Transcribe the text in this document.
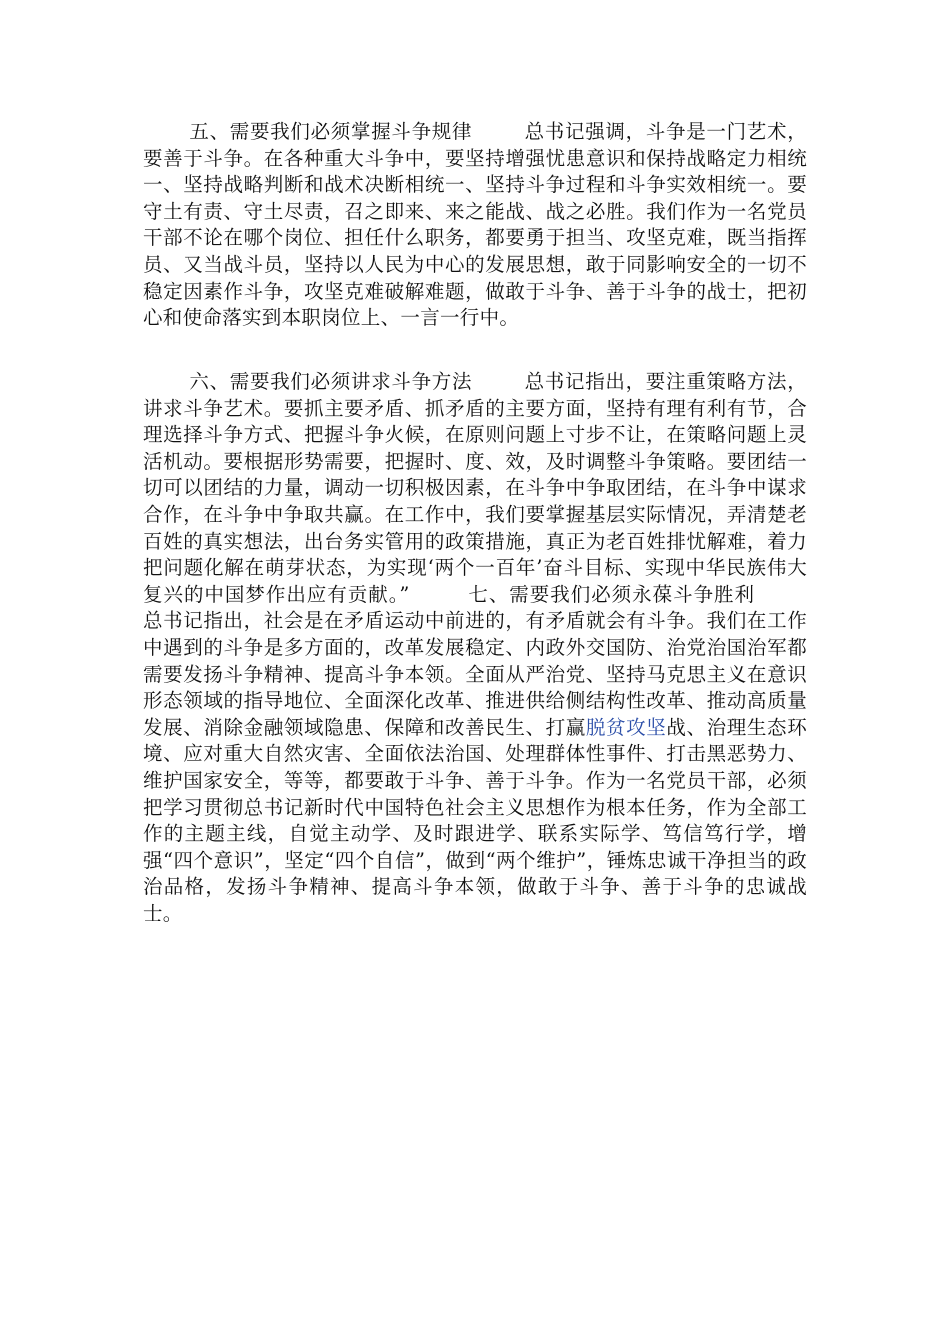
五、需要我们必须掌握斗争规律	总书记强调，斗争是一门艺术，要善于斗争。在各种重大斗争中，要坚持增强忧患意识和保持战略定力相统一、坚持战略判断和战术决断相统一、坚持斗争过程和斗争实效相统一。要守土有责、守土尽责，召之即来、来之能战、战之必胜。我们作为一名党员干部不论在哪个岗位、担任什么职务，都要勇于担当、攻坚克难，既当指挥员、又当战斗员，坚持以人民为中心的发展思想，敢于同影响安全的一切不稳定因素作斗争，攻坚克难破解难题，做敢于斗争、善于斗争的战士，把初心和使命落实到本职岗位上、一言一行中。
六、需要我们必须讲求斗争方法	总书记指出，要注重策略方法，讲求斗争艺术。要抓主要矛盾、抓矛盾的主要方面，坚持有理有利有节，合理选择斗争方式、把握斗争火候，在原则问题上寸步不让，在策略问题上灵活机动。要根据形势需要，把握时、度、效，及时调整斗争策略。要团结一切可以团结的力量，调动一切积极因素，在斗争中争取团结，在斗争中谋求合作，在斗争中争取共赢。在工作中，我们要掌握基层实际情况，弄清楚老百姓的真实想法，出台务实管用的政策措施，真正为老百姓排忧解难，着力把问题化解在萌芽状态，为实现‘两个一百年’奋斗目标、实现中华民族伟大复兴的中国梦作出应有贡献。”	七、需要我们必须永葆斗争胜利总书记指出，社会是在矛盾运动中前进的，有矛盾就会有斗争。我们在工作中遇到的斗争是多方面的，改革发展稳定、内政外交国防、治党治国治军都需要发扬斗争精神、提高斗争本领。全面从严治党、坚持马克思主义在意识形态领域的指导地位、全面深化改革、推进供给侧结构性改革、推动高质量发展、消除金融领域隐患、保障和改善民生、打赢脱贫攻坚战、治理生态环境、应对重大自然灾害、全面依法治国、处理群体性事件、打击黑恶势力、维护国家安全，等等，都要敢于斗争、善于斗争。作为一名党员干部，必须把学习贯彻总书记新时代中国特色社会主义思想作为根本任务，作为全部工作的主题主线，自觉主动学、及时跟进学、联系实际学、笃信笃行学，增强“四个意识”，坚定“四个自信”，做到“两个维护”，锤炼忠诚干净担当的政治品格，发扬斗争精神、提高斗争本领，做敢于斗争、善于斗争的忠诚战士。
